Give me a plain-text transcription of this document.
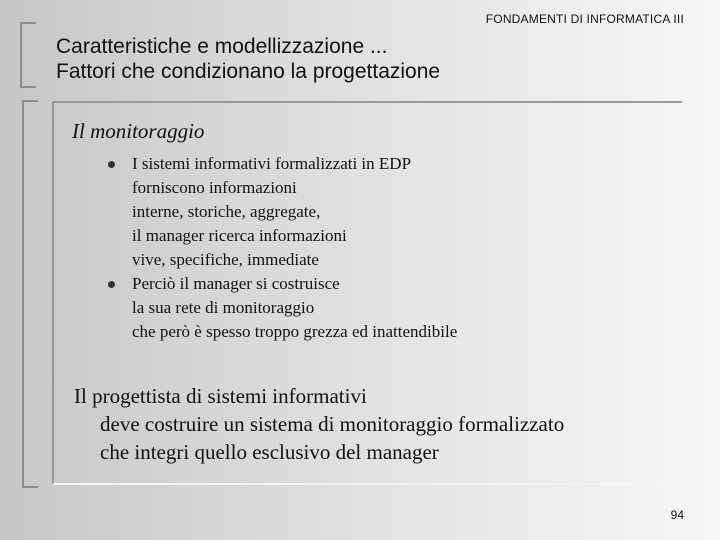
FONDAMENTI DI INFORMATICA III
Caratteristiche e modellizzazione ...
Fattori che condizionano la progettazione
Il monitoraggio
I sistemi informativi formalizzati in EDP
forniscono informazioni
interne, storiche, aggregate,
il manager ricerca informazioni
vive, specifiche, immediate
Perciò il manager si costruisce
la sua rete di monitoraggio
che però è spesso troppo grezza ed inattendibile
Il progettista di sistemi informativi
deve costruire un sistema di monitoraggio formalizzato
che integri quello esclusivo del manager
94
